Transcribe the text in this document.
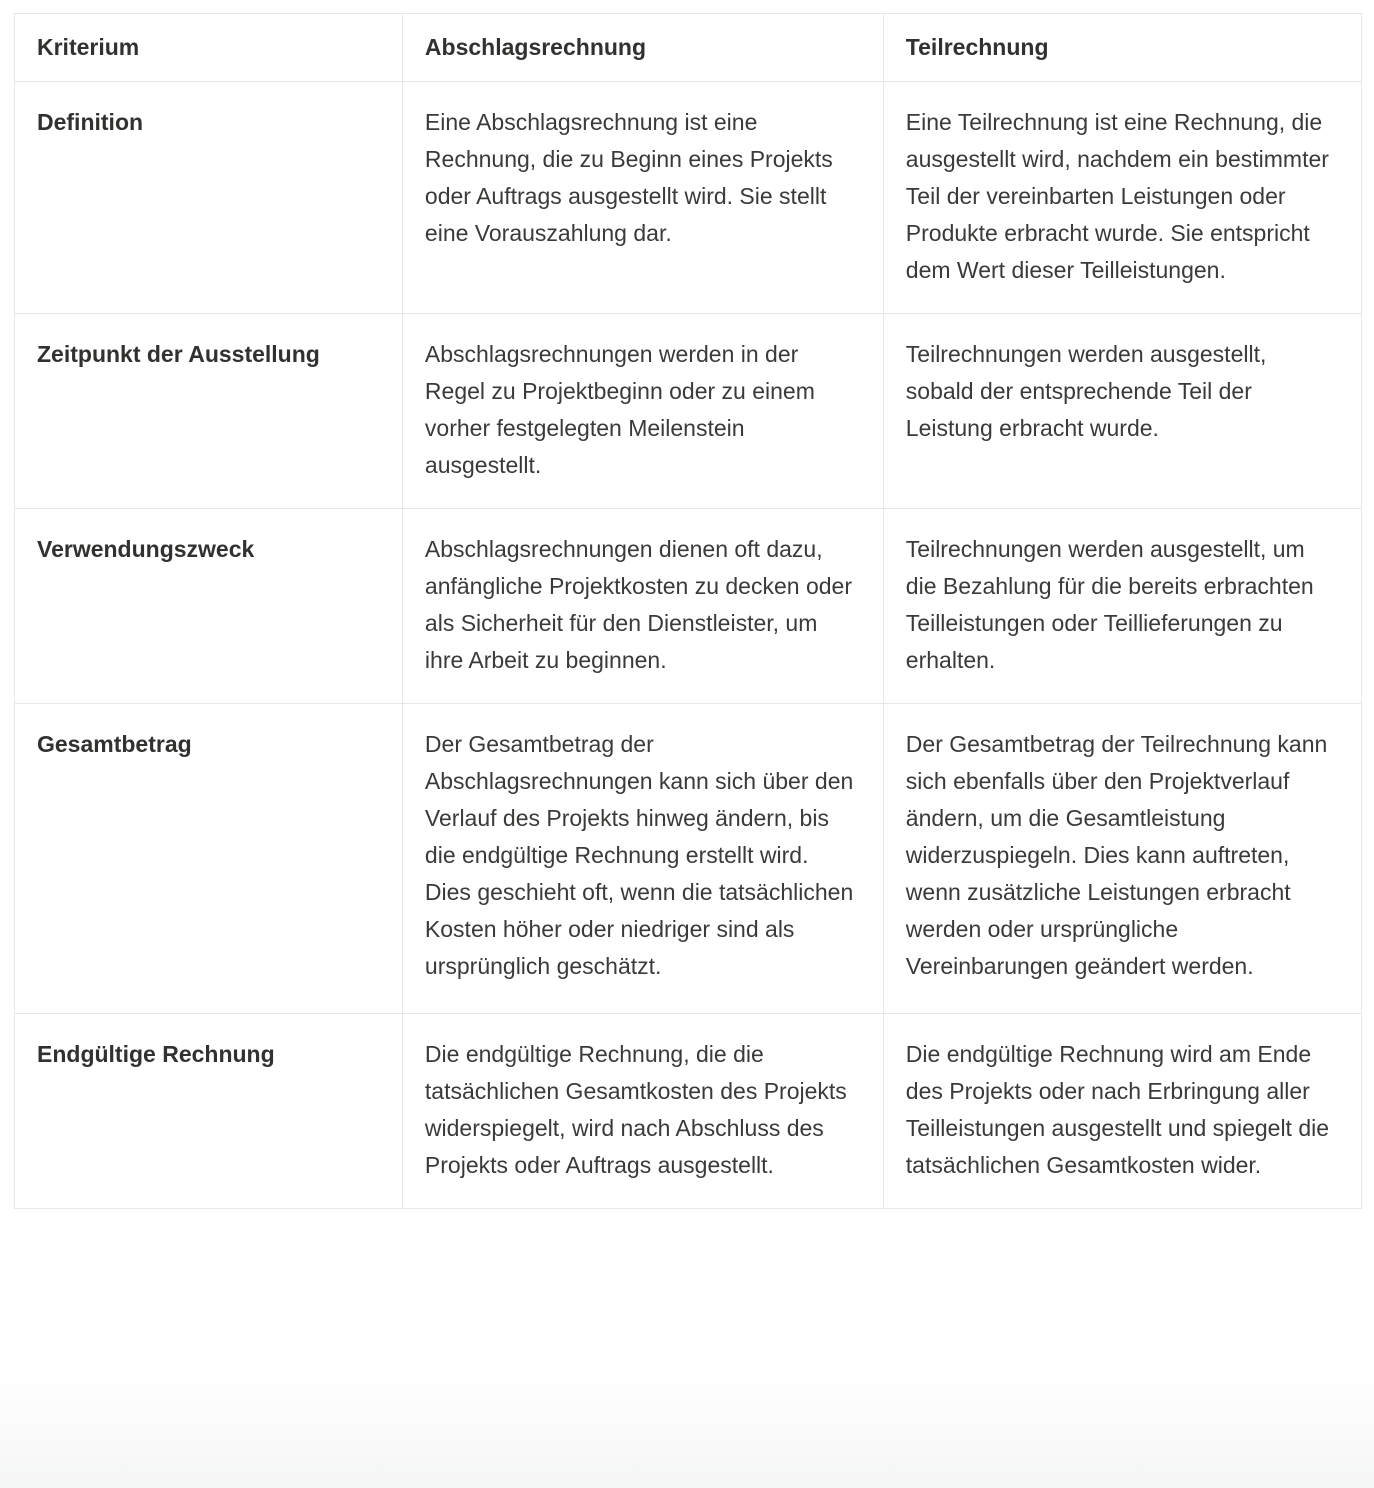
Kriterium	Abschlagsrechnung	Teilrechnung
Definition	Eine Abschlagsrechnung ist eine Rechnung, die zu Beginn eines Projekts oder Auftrags ausgestellt wird. Sie stellt eine Vorauszahlung dar.	Eine Teilrechnung ist eine Rechnung, die ausgestellt wird, nachdem ein bestimmter Teil der vereinbarten Leistungen oder Produkte erbracht wurde. Sie entspricht dem Wert dieser Teilleistungen.
Zeitpunkt der Ausstellung	Abschlagsrechnungen werden in der Regel zu Projektbeginn oder zu einem vorher festgelegten Meilenstein ausgestellt.	Teilrechnungen werden ausgestellt, sobald der entsprechende Teil der Leistung erbracht wurde.
Verwendungszweck	Abschlagsrechnungen dienen oft dazu, anfängliche Projektkosten zu decken oder als Sicherheit für den Dienstleister, um ihre Arbeit zu beginnen.	Teilrechnungen werden ausgestellt, um die Bezahlung für die bereits erbrachten Teilleistungen oder Teillieferungen zu erhalten.
Gesamtbetrag	Der Gesamtbetrag der Abschlagsrechnungen kann sich über den Verlauf des Projekts hinweg ändern, bis die endgültige Rechnung erstellt wird. Dies geschieht oft, wenn die tatsächlichen Kosten höher oder niedriger sind als ursprünglich geschätzt.	Der Gesamtbetrag der Teilrechnung kann sich ebenfalls über den Projektverlauf ändern, um die Gesamtleistung widerzuspiegeln. Dies kann auftreten, wenn zusätzliche Leistungen erbracht werden oder ursprüngliche Vereinbarungen geändert werden.
Endgültige Rechnung	Die endgültige Rechnung, die die tatsächlichen Gesamtkosten des Projekts widerspiegelt, wird nach Abschluss des Projekts oder Auftrags ausgestellt.	Die endgültige Rechnung wird am Ende des Projekts oder nach Erbringung aller Teilleistungen ausgestellt und spiegelt die tatsächlichen Gesamtkosten wider.
